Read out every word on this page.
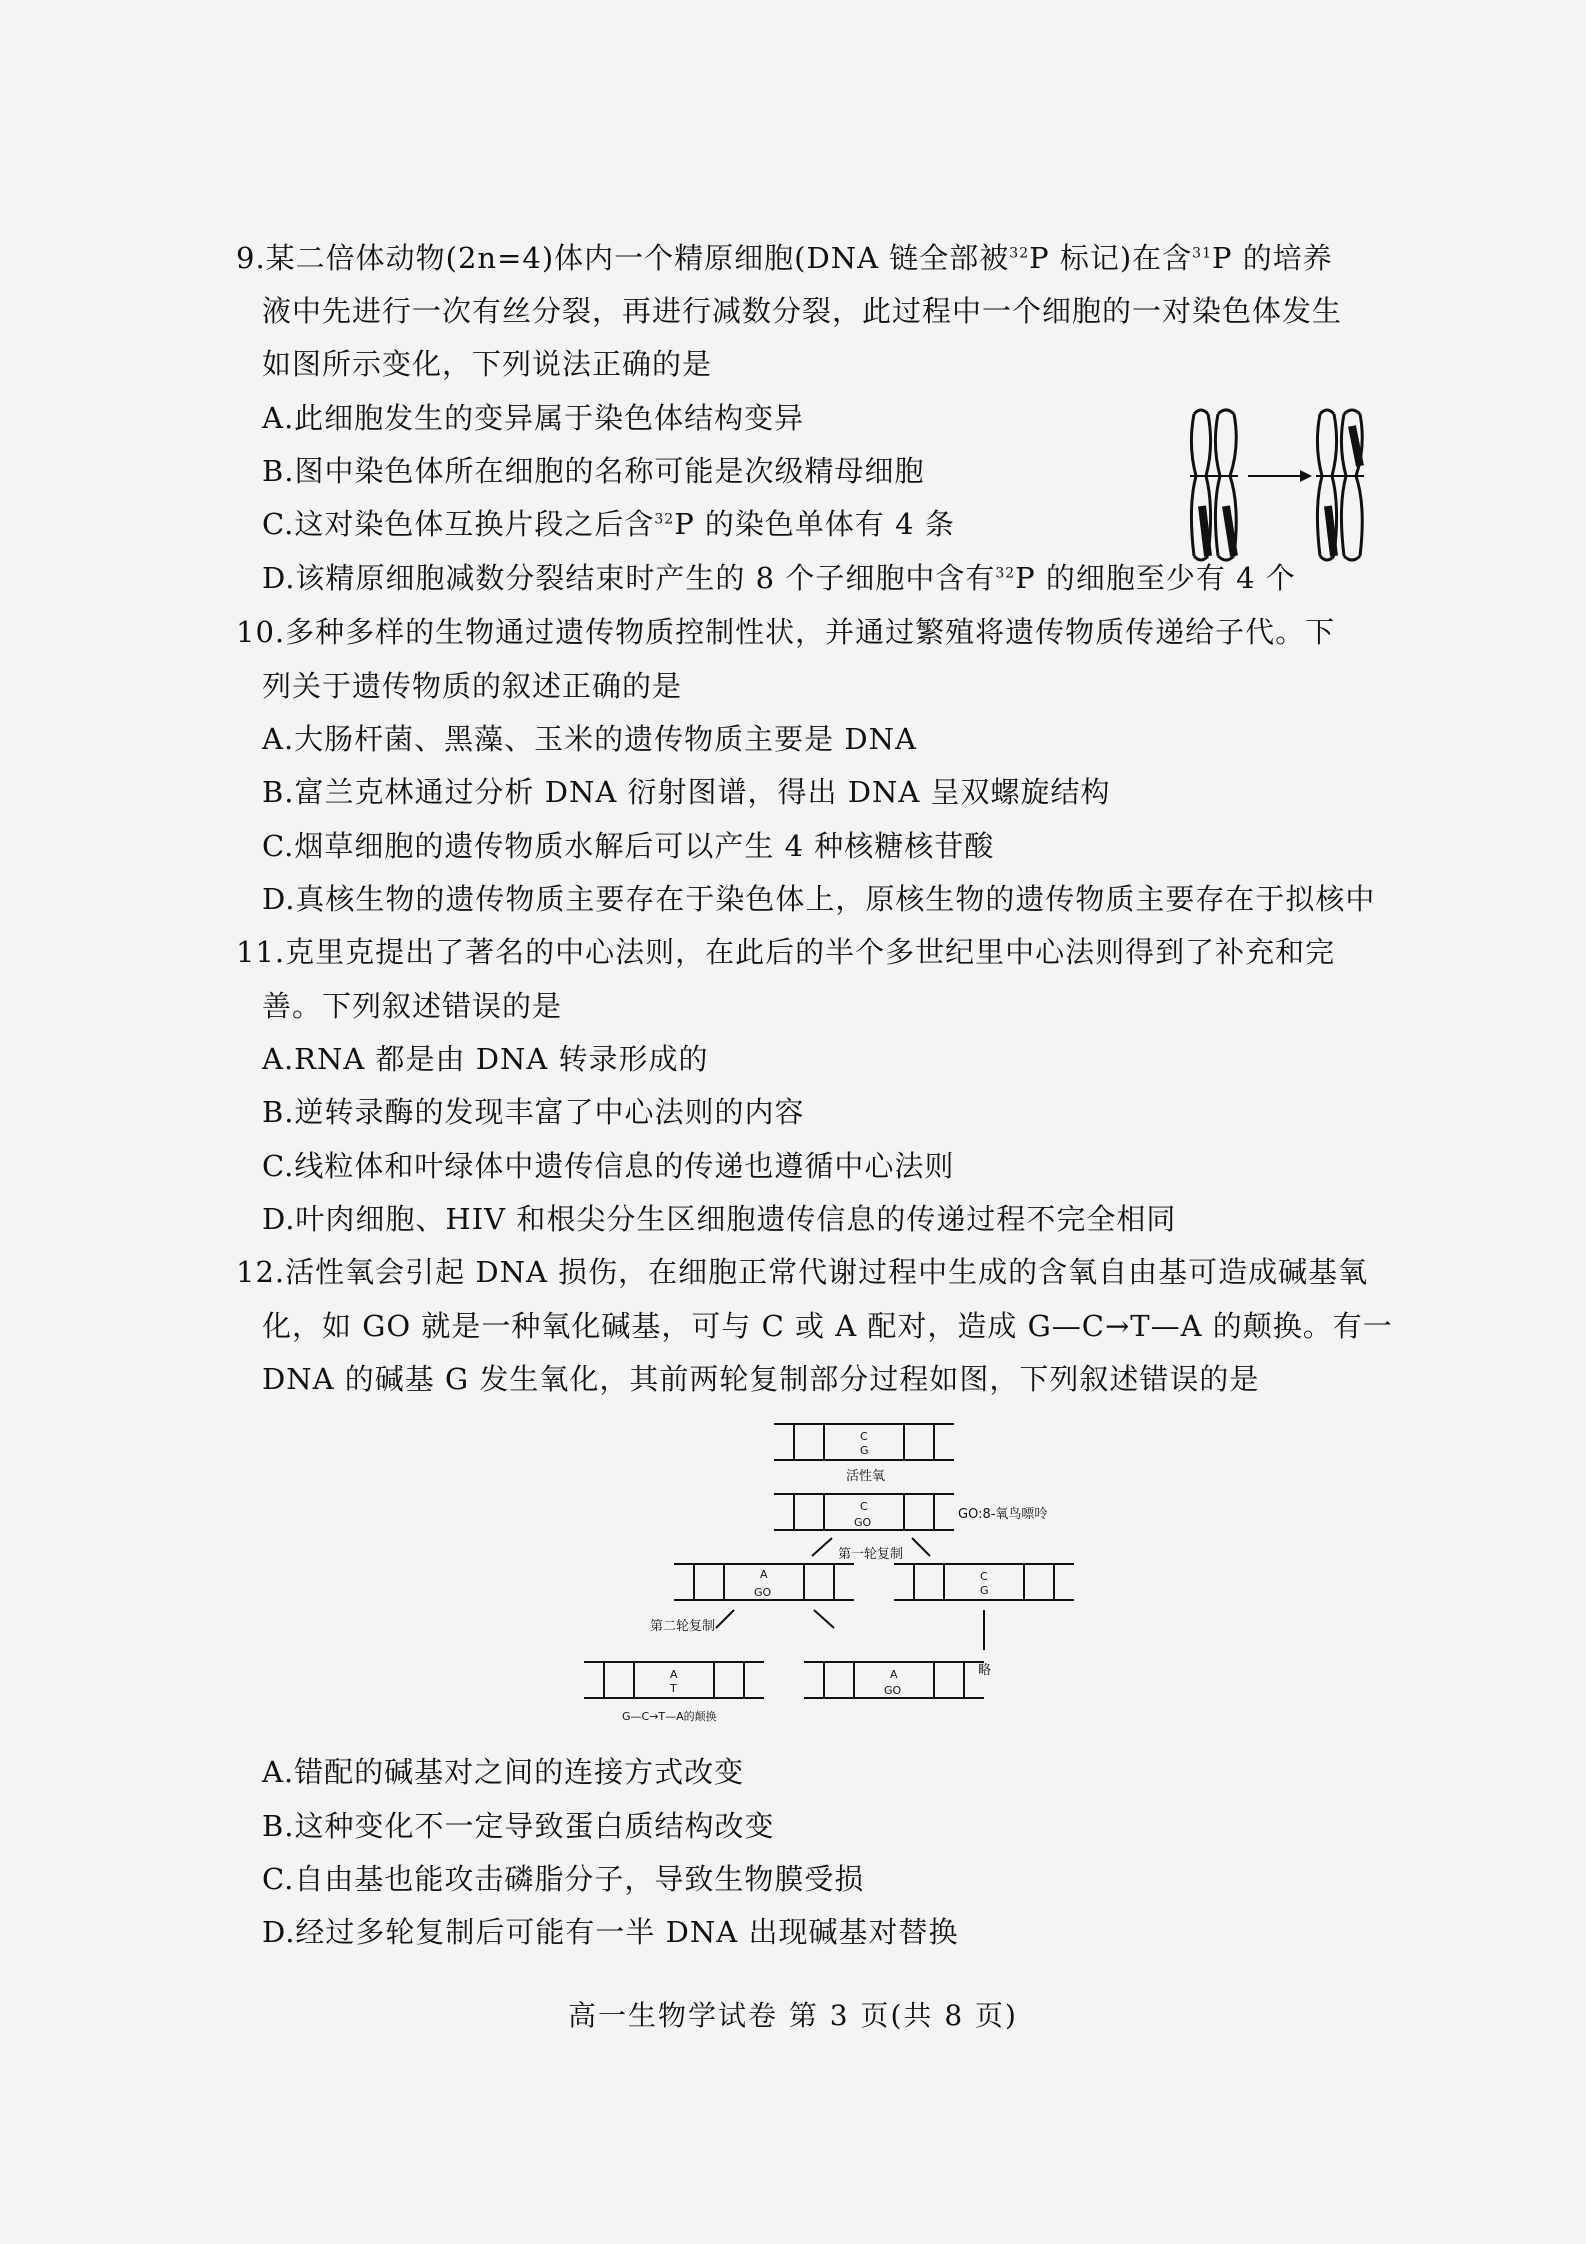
9.某二倍体动物(2n=4)体内一个精原细胞(DNA 链全部被$^{32}$P 标记)在含$^{31}$P 的培养
液中先进行一次有丝分裂，再进行减数分裂，此过程中一个细胞的一对染色体发生
如图所示变化，下列说法正确的是
A.此细胞发生的变异属于染色体结构变异
B.图中染色体所在细胞的名称可能是次级精母细胞
C.这对染色体互换片段之后含$^{32}$P 的染色单体有 4 条
D.该精原细胞减数分裂结束时产生的 8 个子细胞中含有$^{32}$P 的细胞至少有 4 个
10.多种多样的生物通过遗传物质控制性状，并通过繁殖将遗传物质传递给子代。下
列关于遗传物质的叙述正确的是
A.大肠杆菌、黑藻、玉米的遗传物质主要是 DNA
B.富兰克林通过分析 DNA 衍射图谱，得出 DNA 呈双螺旋结构
C.烟草细胞的遗传物质水解后可以产生 4 种核糖核苷酸
D.真核生物的遗传物质主要存在于染色体上，原核生物的遗传物质主要存在于拟核中
11.克里克提出了著名的中心法则，在此后的半个多世纪里中心法则得到了补充和完
善。下列叙述错误的是
A.RNA 都是由 DNA 转录形成的
B.逆转录酶的发现丰富了中心法则的内容
C.线粒体和叶绿体中遗传信息的传递也遵循中心法则
D.叶肉细胞、HIV 和根尖分生区细胞遗传信息的传递过程不完全相同
12.活性氧会引起 DNA 损伤，在细胞正常代谢过程中生成的含氧自由基可造成碱基氧
化，如 GO 就是一种氧化碱基，可与 C 或 A 配对，造成 G—C→T—A 的颠换。有一
DNA 的碱基 G 发生氧化，其前两轮复制部分过程如图，下列叙述错误的是
C
G
活性氧
C
GO
GO:8-氧鸟嘌呤
第一轮复制
A
GO
C
G
第二轮复制
略
A
T
G—C→T—A的颠换
A
GO
A.错配的碱基对之间的连接方式改变
B.这种变化不一定导致蛋白质结构改变
C.自由基也能攻击磷脂分子，导致生物膜受损
D.经过多轮复制后可能有一半 DNA 出现碱基对替换
高一生物学试卷 第 3 页(共 8 页)
